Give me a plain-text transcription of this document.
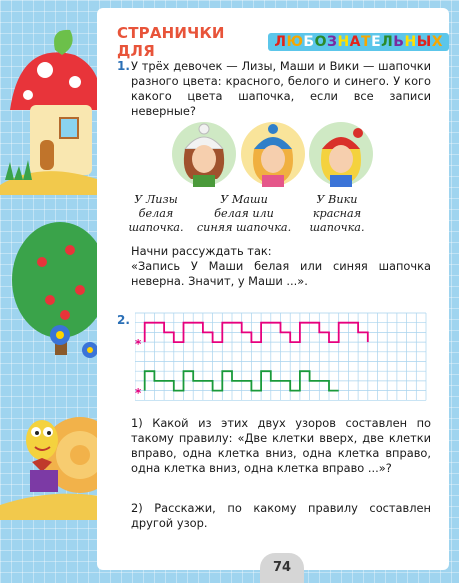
СТРАНИЧКИ ДЛЯ	ЛЮБОЗНАТЕЛЬНЫХ
1. У трёх девочек — Лизы, Маши и Вики — шапочки разного цвета: красного, белого и синего. У кого какого цвета шапочка, если все записи неверные?
У Лизы
белая
шапочка.
У Маши
белая или
синяя шапочка.
У Вики
красная
шапочка.
Начни рассуждать так:
«Запись У Маши белая или синяя шапочка неверна. Значит, у Маши ...».
2.
*
*
1) Какой из этих двух узоров составлен по такому правилу: «Две клетки вверх, две клетки вправо, одна клетка вниз, одна клетка вправо, одна клетка вниз, одна клетка вправо ...»?
2) Расскажи, по какому правилу составлен другой узор.
74
